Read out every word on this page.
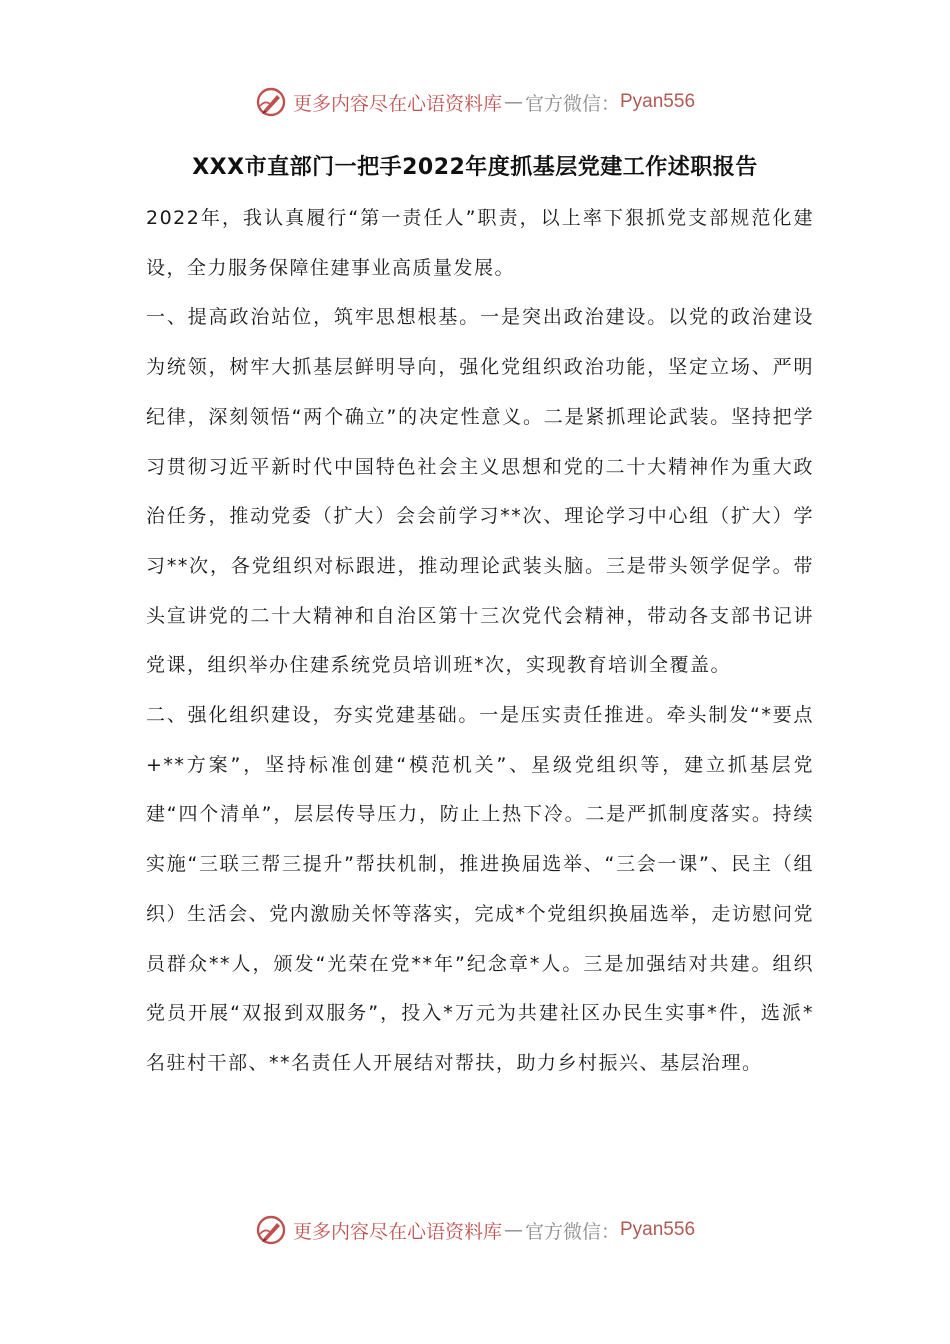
更多内容尽在心语资料库 — 官方微信： Pyan556
XXX市直部门一把手2022年度抓基层党建工作述职报告

2022年，我认真履行“第一责任人”职责，以上率下狠抓党支部规范化建设，全力服务保障住建事业高质量发展。

一、提高政治站位，筑牢思想根基。一是突出政治建设。以党的政治建设为统领，树牢大抓基层鲜明导向，强化党组织政治功能，坚定立场、严明纪律，深刻领悟“两个确立”的决定性意义。二是紧抓理论武装。坚持把学习贯彻习近平新时代中国特色社会主义思想和党的二十大精神作为重大政治任务，推动党委（扩大）会会前学习**次、理论学习中心组（扩大）学习**次，各党组织对标跟进，推动理论武装头脑。三是带头领学促学。带头宣讲党的二十大精神和自治区第十三次党代会精神，带动各支部书记讲党课，组织举办住建系统党员培训班*次，实现教育培训全覆盖。

二、强化组织建设，夯实党建基础。一是压实责任推进。牵头制发“*要点+**方案”，坚持标准创建“模范机关”、星级党组织等，建立抓基层党建“四个清单”，层层传导压力，防止上热下冷。二是严抓制度落实。持续实施“三联三帮三提升”帮扶机制，推进换届选举、“三会一课”、民主（组织）生活会、党内激励关怀等落实，完成*个党组织换届选举，走访慰问党员群众**人，颁发“光荣在党**年”纪念章*人。三是加强结对共建。组织党员开展“双报到双服务”，投入*万元为共建社区办民生实事*件，选派*名驻村干部、**名责任人开展结对帮扶，助力乡村振兴、基层治理。

更多内容尽在心语资料库 — 官方微信： Pyan556
